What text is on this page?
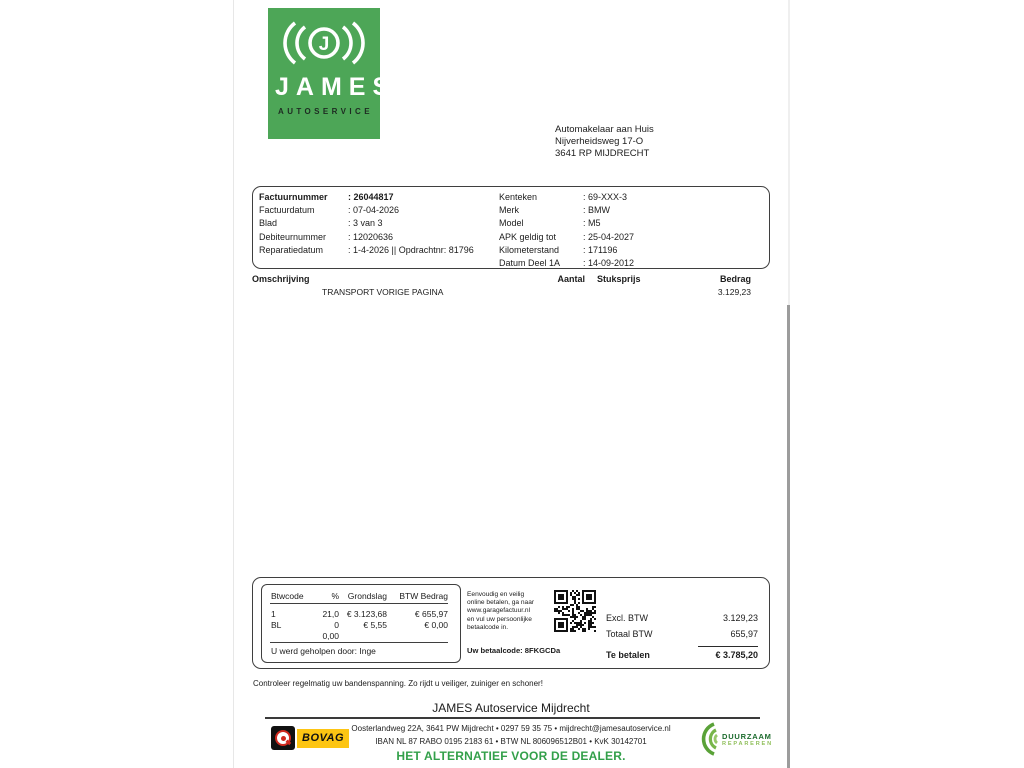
J
JAMES
AUTOSERVICE
Automakelaar aan Huis
Nijverheidsweg 17-O
3641 RP MIJDRECHT
Factuurnummer	: 26044817
Factuurdatum	: 07-04-2026
Blad	: 3 van 3
Debiteurnummer	: 12020636
Reparatiedatum	: 1-4-2026 || Opdrachtnr: 81796
Kenteken	: 69-XXX-3
Merk	: BMW
Model	: M5
APK geldig tot	: 25-04-2027
Kilometerstand	: 171196
Datum Deel 1A	: 14-09-2012
Omschrijving	Aantal Stuksprijs	Bedrag
TRANSPORT VORIGE PAGINA	3.129,23
Btwcode	%	Grondslag	BTW Bedrag
1	21,0 € 3.123,68	€ 655,97
BL	0	€ 5,55	€ 0,00
0,00
U werd geholpen door: Inge
Eenvoudig en veilig
online betalen, ga naar
www.garagefactuur.nl
en vul uw persoonlijke
betaalcode in.
Uw betaalcode: 8FKGCDa
Excl. BTW	3.129,23
Totaal BTW	655,97
Te betalen	€ 3.785,20
Controleer regelmatig uw bandenspanning. Zo rijdt u veiliger, zuiniger en schoner!
JAMES Autoservice Mijdrecht
BOVAG
Oosterlandweg 22A, 3641 PW Mijdrecht • 0297 59 35 75 • mijdrecht@jamesautoservice.nl
IBAN NL 87 RABO 0195 2183 61 • BTW NL 806096512B01 • KvK 30142701
DUURZAAM
REPAREREN
HET ALTERNATIEF VOOR DE DEALER.
